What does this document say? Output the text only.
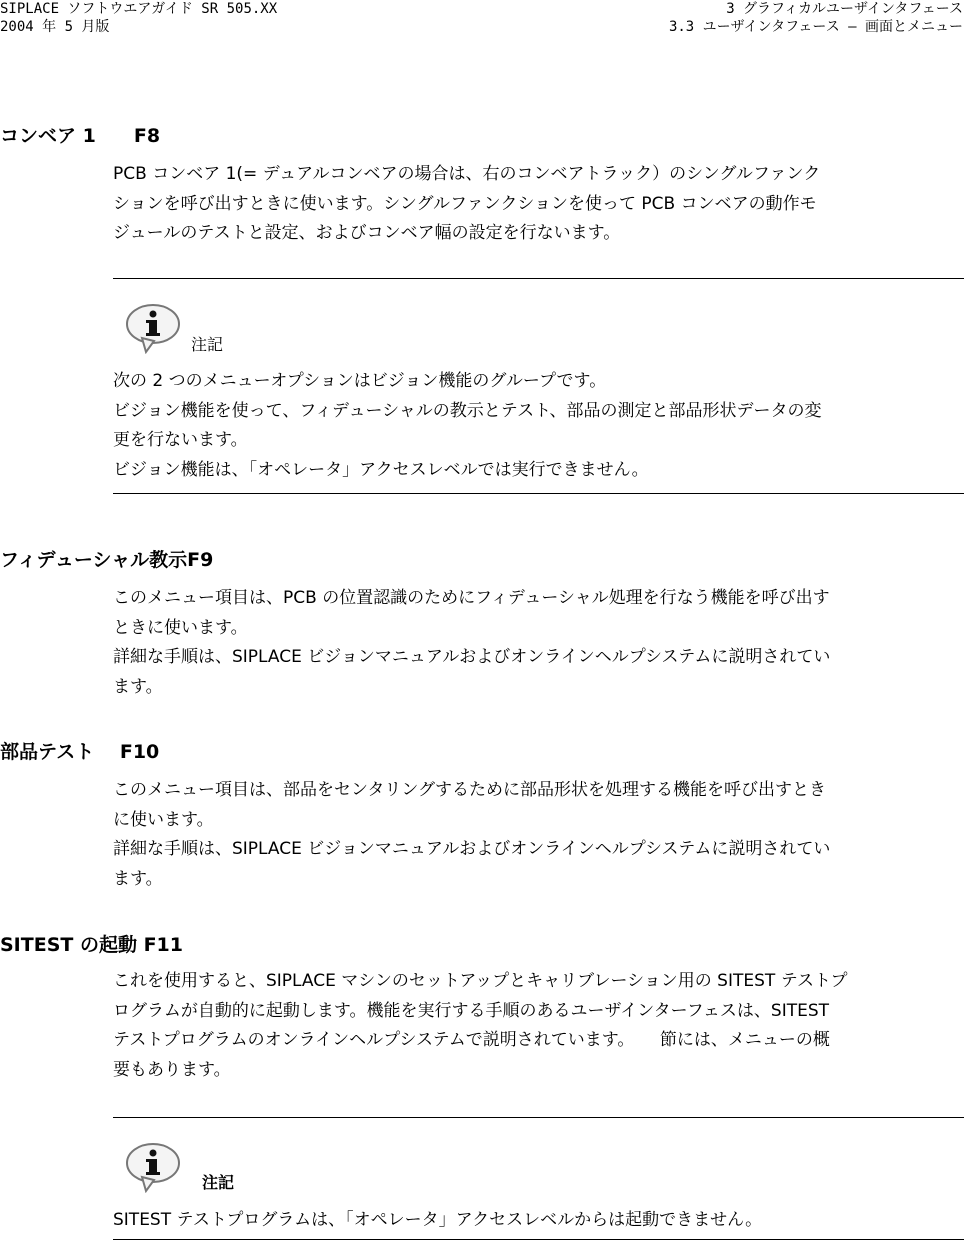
SIPLACE ソフトウエアガイド SR 505.XX
2004 年 5 月版
3 グラフィカルユーザインタフェース
3.3 ユーザインタフェース – 画面とメニュー
コンベア 1　　F8

PCB コンベア 1(= デュアルコンベアの場合は、右のコンベアトラック）のシングルファンク

ションを呼び出すときに使います。シングルファンクションを使って PCB コンベアの動作モ

ジュールのテストと設定、およびコンベア幅の設定を行ないます。

注記

次の 2 つのメニューオプションはビジョン機能のグループです。

ビジョン機能を使って、フィデューシャルの教示とテスト、部品の測定と部品形状データの変

更を行ないます。

ビジョン機能は、「オペレータ」アクセスレベルでは実行できません。

フィデューシャル教示F9

このメニュー項目は、PCB の位置認識のためにフィデューシャル処理を行なう機能を呼び出す

ときに使います。

詳細な手順は、SIPLACE ビジョンマニュアルおよびオンラインヘルプシステムに説明されてい

ます。

部品テスト　 F10

このメニュー項目は、部品をセンタリングするために部品形状を処理する機能を呼び出すとき

に使います。

詳細な手順は、SIPLACE ビジョンマニュアルおよびオンラインヘルプシステムに説明されてい

ます。

SITEST の起動 F11

これを使用すると、SIPLACE マシンのセットアップとキャリブレーション用の SITEST テストプ

ログラムが自動的に起動します。機能を実行する手順のあるユーザインターフェスは、SITEST

テストプログラムのオンラインヘルプシステムで説明されています。　　節には、メニューの概

要もあります。

注記

SITEST テストプログラムは、「オペレータ」アクセスレベルからは起動できません。
